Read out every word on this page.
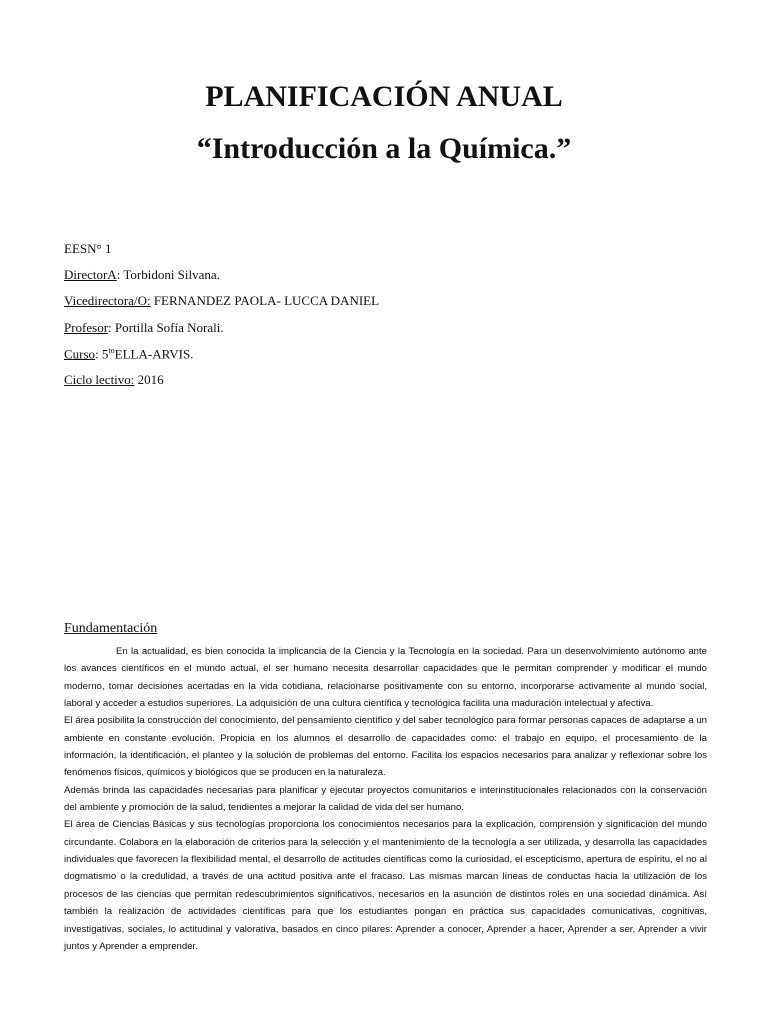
PLANIFICACIÓN ANUAL
“Introducción a la Química.”
EESN° 1
DirectorA: Torbidoni Silvana.
Vicedirectora/O: FERNANDEZ PAOLA- LUCCA DANIEL
Profesor: Portilla Sofía Norali.
Curso: $5^{to}ELLA$-ARVIS.
Ciclo lectivo: 2016
Fundamentación

En la actualidad, es bien conocida la implicancia de la Ciencia y la Tecnología en la sociedad. Para un desenvolvimiento autónomo ante los avances científicos en el mundo actual, el ser humano necesita desarrollar capacidades que le permitan comprender y modificar el mundo moderno, tomar decisiones acertadas en la vida cotidiana, relacionarse positivamente con su entorno, incorporarse activamente al mundo social, laboral y acceder a estudios superiores. La adquisición de una cultura científica y tecnológica facilita una maduración intelectual y afectiva.

El área posibilita la construcción del conocimiento, del pensamiento científico y del saber tecnológico para formar personas capaces de adaptarse a un ambiente en constante evolución. Propicia en los alumnos el desarrollo de capacidades como: el trabajo en equipo, el procesamiento de la información, la identificación, el planteo y la solución de problemas del entorno. Facilita los espacios necesarios para analizar y reflexionar sobre los fenómenos físicos, químicos y biológicos que se producen en la naturaleza.

Además brinda las capacidades necesarias para planificar y ejecutar proyectos comunitarios e interinstitucionales relacionados con la conservación del ambiente y promoción de la salud, tendientes a mejorar la calidad de vida del ser humano.

El área de Ciencias Básicas y sus tecnologías proporciona los conocimientos necesarios para la explicación, comprensión y significación del mundo circundante. Colabora en la elaboración de criterios para la selección y el mantenimiento de la tecnología a ser utilizada, y desarrolla las capacidades individuales que favorecen la flexibilidad mental, el desarrollo de actitudes científicas como la curiosidad, el escepticismo, apertura de espíritu, el no al dogmatismo o la credulidad, a través de una actitud positiva ante el fracaso. Las mismas marcan líneas de conductas hacia la utilización de los procesos de las ciencias que permitan redescubrimientos significativos, necesarios en la asunción de distintos roles en una sociedad dinámica. Así también la realización de actividades científicas para que los estudiantes pongan en práctica sus capacidades comunicativas, cognitivas, investigativas, sociales, lo actitudinal y valorativa, basados en cinco pilares: Aprender a conocer, Aprender a hacer, Aprender a ser, Aprender a vivir juntos y Aprender a emprender.
